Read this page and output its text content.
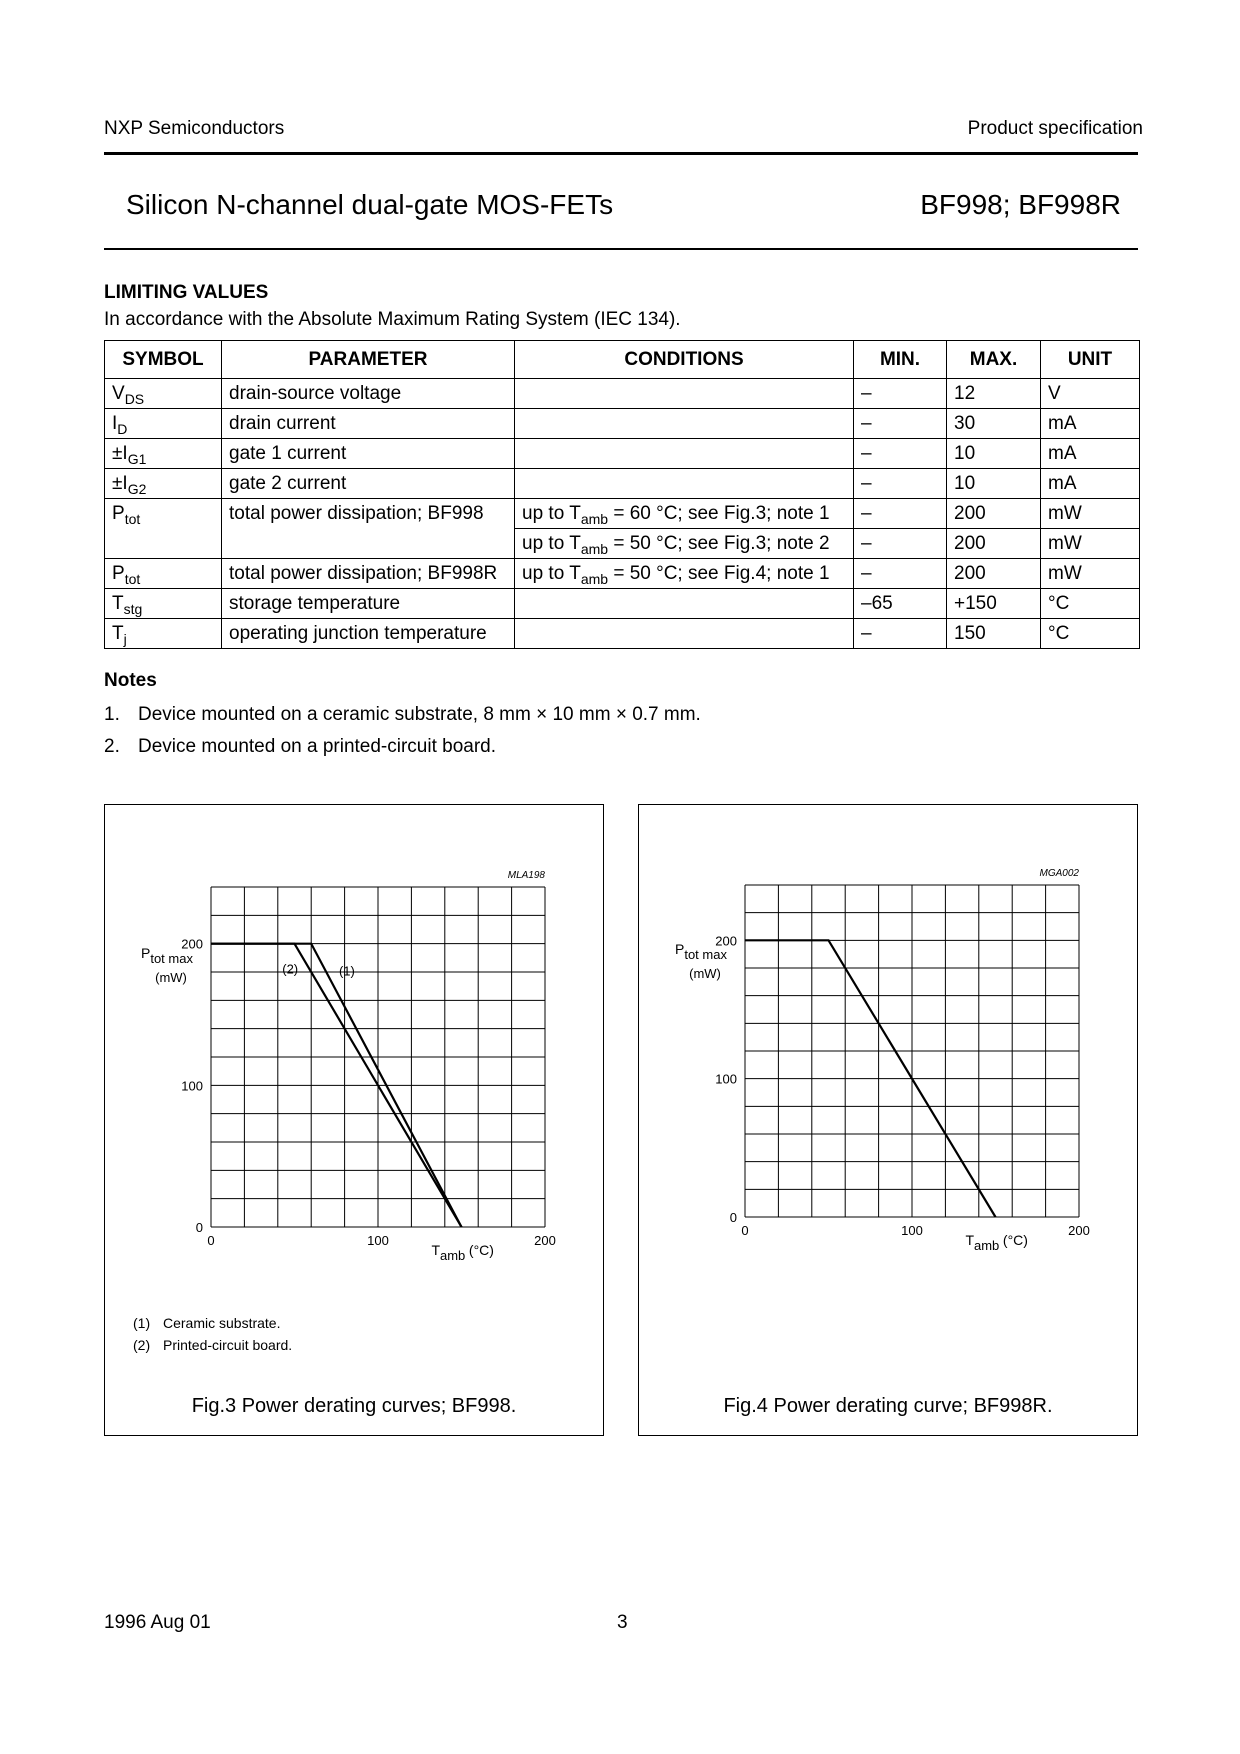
NXP Semiconductors	Product specification
Silicon N-channel dual-gate MOS-FETs	BF998; BF998R
LIMITING VALUES
In accordance with the Absolute Maximum Rating System (IEC 134).
SYMBOL	PARAMETER	CONDITIONS	MIN.	MAX.	UNIT
$V_{DS}$	drain-source voltage		–	12	V
$I_D$	drain current		–	30	mA
$\pm I_{G1}$	gate 1 current		–	10	mA
$\pm I_{G2}$	gate 2 current		–	10	mA
$P_{tot}$	total power dissipation; BF998	up to $T_{amb} = 60$ °C; see Fig.3; note 1	–	200	mW
		up to $T_{amb} = 50$ °C; see Fig.3; note 2	–	200	mW
$P_{tot}$	total power dissipation; BF998R	up to $T_{amb} = 50$ °C; see Fig.4; note 1	–	200	mW
$T_{stg}$	storage temperature		–65	+150	°C
$T_j$	operating junction temperature		–	150	°C
Notes
1. Device mounted on a ceramic substrate, 8 mm × 10 mm × 0.7 mm.
2. Device mounted on a printed-circuit board.
MLA198
0	100	200
0
100
200
Ptot max
(mW)
Tamb (°C)
(1)
(2)
(1) Ceramic substrate.
(2) Printed-circuit board.
Fig.3 Power derating curves; BF998.
MGA002
0	100	200
0
100
200
Ptot max
(mW)
Tamb (°C)
Fig.4 Power derating curve; BF998R.
1996 Aug 01	3
